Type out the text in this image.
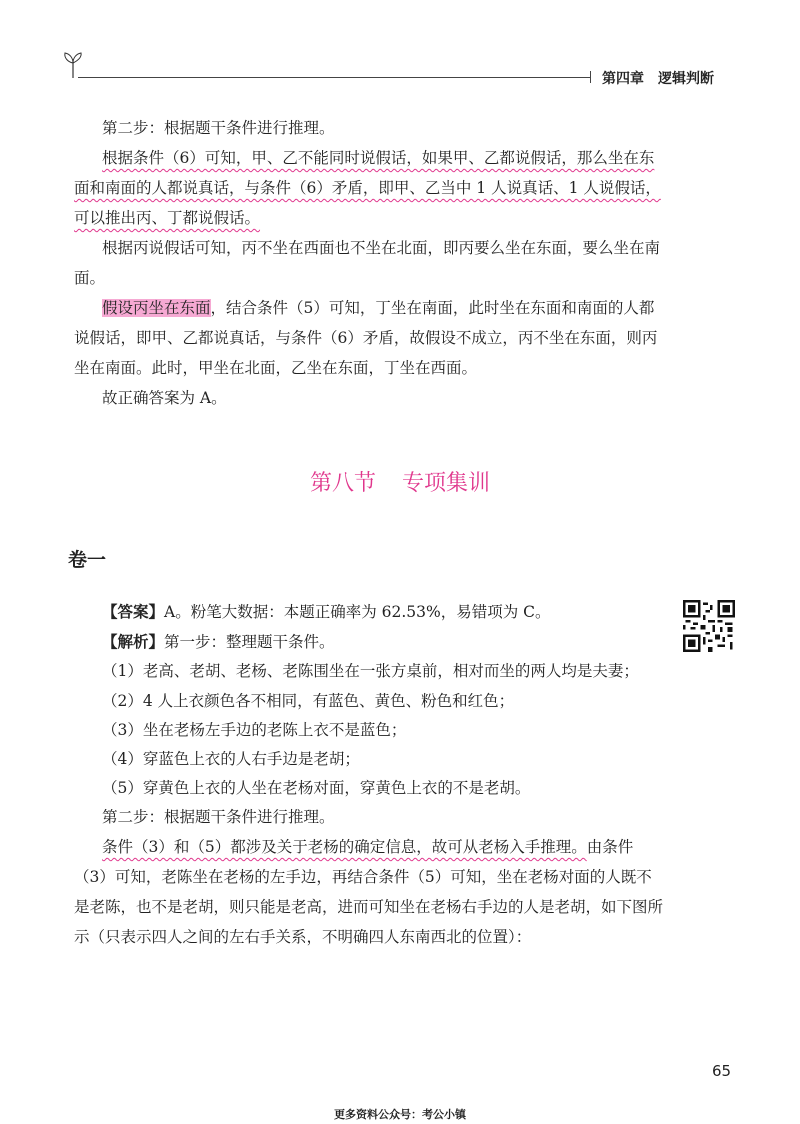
第四章 逻辑判断

第二步：根据题干条件进行推理。

根据条件（6）可知，甲、乙不能同时说假话，如果甲、乙都说假话，那么坐在东面和南面的人都说真话，与条件（6）矛盾，即甲、乙当中 1 人说真话、1 人说假话，可以推出丙、丁都说假话。

根据丙说假话可知，丙不坐在西面也不坐在北面，即丙要么坐在东面，要么坐在南面。

假设丙坐在东面，结合条件（5）可知，丁坐在南面，此时坐在东面和南面的人都说假话，即甲、乙都说真话，与条件（6）矛盾，故假设不成立，丙不坐在东面，则丙坐在南面。此时，甲坐在北面，乙坐在东面，丁坐在西面。

故正确答案为 A。

第八节 专项集训
卷一

【答案】A。粉笔大数据：本题正确率为 62.53%，易错项为 C。

【解析】第一步：整理题干条件。

（1）老高、老胡、老杨、老陈围坐在一张方桌前，相对而坐的两人均是夫妻；

（2）4 人上衣颜色各不相同，有蓝色、黄色、粉色和红色；

（3）坐在老杨左手边的老陈上衣不是蓝色；

（4）穿蓝色上衣的人右手边是老胡；

（5）穿黄色上衣的人坐在老杨对面，穿黄色上衣的不是老胡。

第二步：根据题干条件进行推理。

条件（3）和（5）都涉及关于老杨的确定信息，故可从老杨入手推理。由条件（3）可知，老陈坐在老杨的左手边，再结合条件（5）可知，坐在老杨对面的人既不是老陈，也不是老胡，则只能是老高，进而可知坐在老杨右手边的人是老胡，如下图所示（只表示四人之间的左右手关系，不明确四人东南西北的位置）：

65
更多资料公众号：考公小镇
